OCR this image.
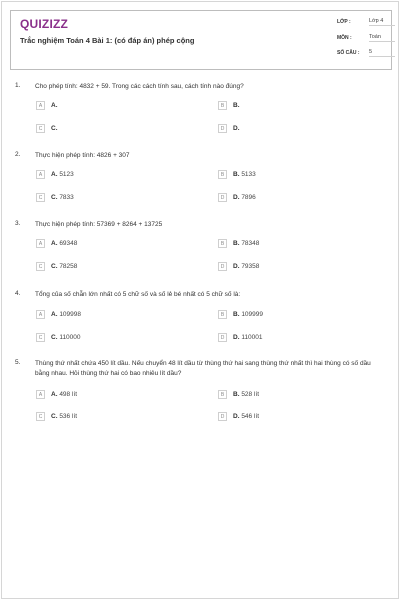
QUIZIZZ
Trắc nghiệm Toán 4 Bài 1: (có đáp án) phép cộng
LỚP :	Lớp 4
MÔN :	Toán
SỐ CÂU : 5
1. Cho phép tính: 4832 + 59. Trong các cách tính sau, cách tính nào đúng?
A	A.	B	B.
C	C.	D	D.
2. Thực hiện phép tính: 4826 + 307
A	A. 5123	B	B. 5133
C	C. 7833	D	D. 7896
3. Thực hiện phép tính: 57369 + 8264 + 13725
A	A. 69348	B	B. 78348
C	C. 78258	D	D. 79358
4. Tổng của số chẵn lớn nhất có 5 chữ số và số lẻ bé nhất có 5 chữ số là:
A	A. 109998	B	B. 109999
C	C. 110000	D	D. 110001
5. Thùng thứ nhất chứa 450 lít dầu. Nếu chuyển 48 lít dầu từ thùng thứ hai sang thùng thứ nhất thì hai thùng có số dầu bằng nhau. Hỏi thùng thứ hai có bao nhiêu lít dầu?
A	A. 498 lít	B	B. 528 lít
C	C. 536 lít	D	D. 546 lít
